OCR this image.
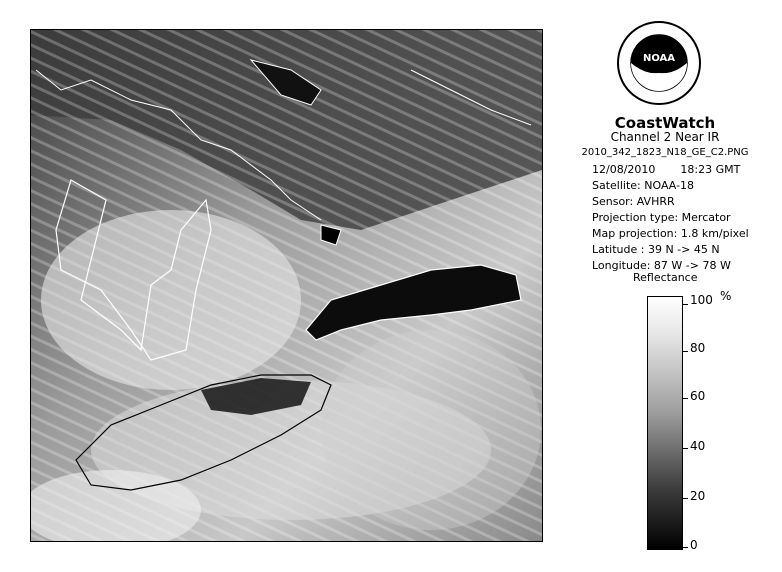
NOAA
CoastWatch
Channel 2 Near IR
2010_342_1823_N18_GE_C2.PNG
12/08/2010 18:23 GMT
Satellite: NOAA-18
Sensor: AVHRR
Projection type: Mercator
Map projection: 1.8 km/pixel
Latitude : 39 N -> 45 N
Longitude: 87 W -> 78 W
Reflectance
%
100
80
60
40
20
0
